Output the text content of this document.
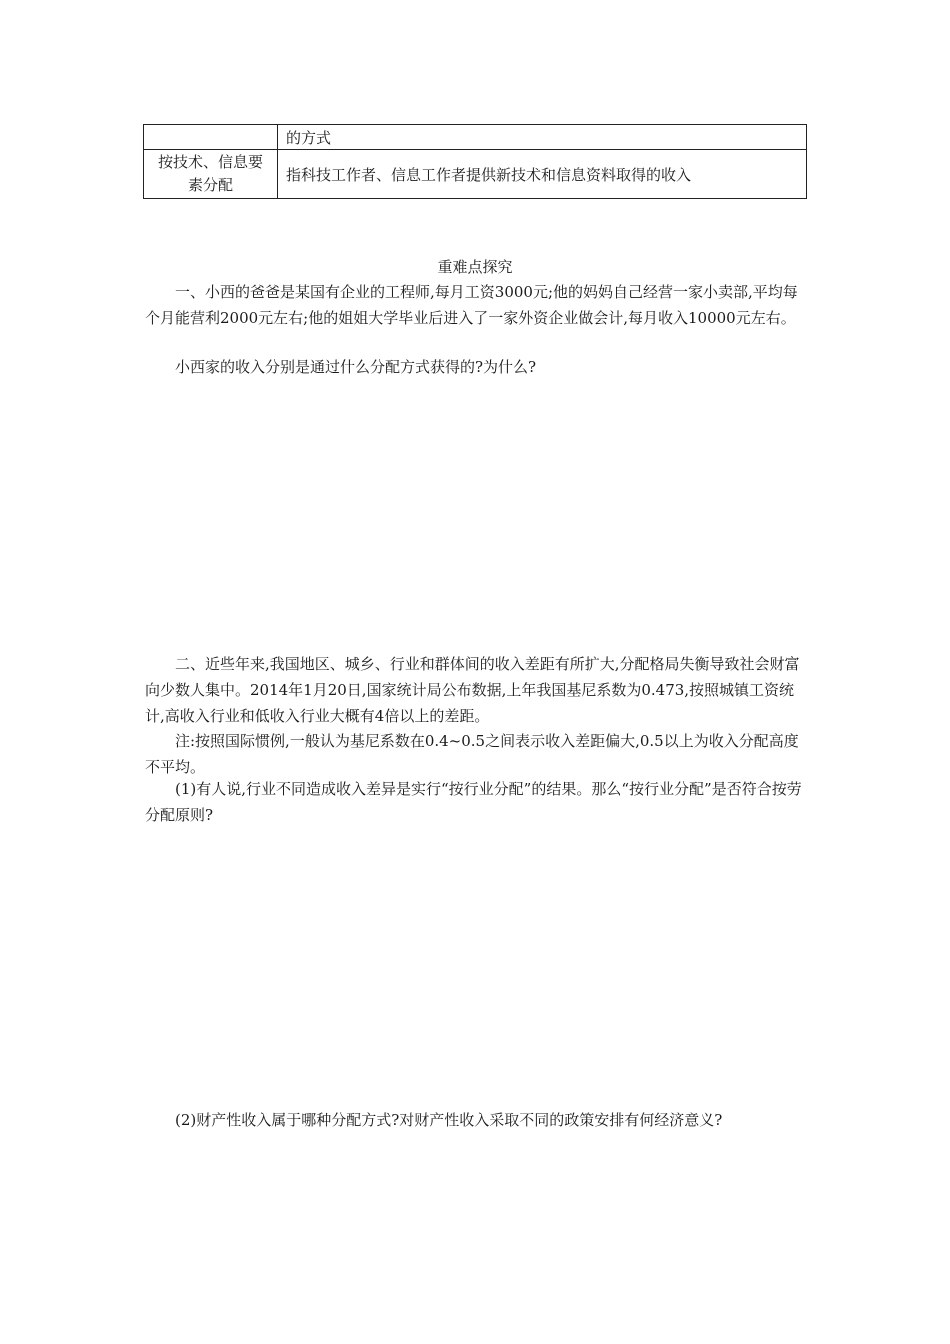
	的方式
按技术、信息要素分配	指科技工作者、信息工作者提供新技术和信息资料取得的收入
重难点探究

一、小西的爸爸是某国有企业的工程师,每月工资3000元;他的妈妈自己经营一家小卖部,平均每个月能营利2000元左右;他的姐姐大学毕业后进入了一家外资企业做会计,每月收入10000元左右。

小西家的收入分别是通过什么分配方式获得的?为什么?

二、近些年来,我国地区、城乡、行业和群体间的收入差距有所扩大,分配格局失衡导致社会财富向少数人集中。2014年1月20日,国家统计局公布数据,上年我国基尼系数为0.473,按照城镇工资统计,高收入行业和低收入行业大概有4倍以上的差距。

注:按照国际惯例,一般认为基尼系数在0.4~0.5之间表示收入差距偏大,0.5以上为收入分配高度不平均。

(1)有人说,行业不同造成收入差异是实行“按行业分配”的结果。那么“按行业分配”是否符合按劳分配原则?

(2)财产性收入属于哪种分配方式?对财产性收入采取不同的政策安排有何经济意义?
